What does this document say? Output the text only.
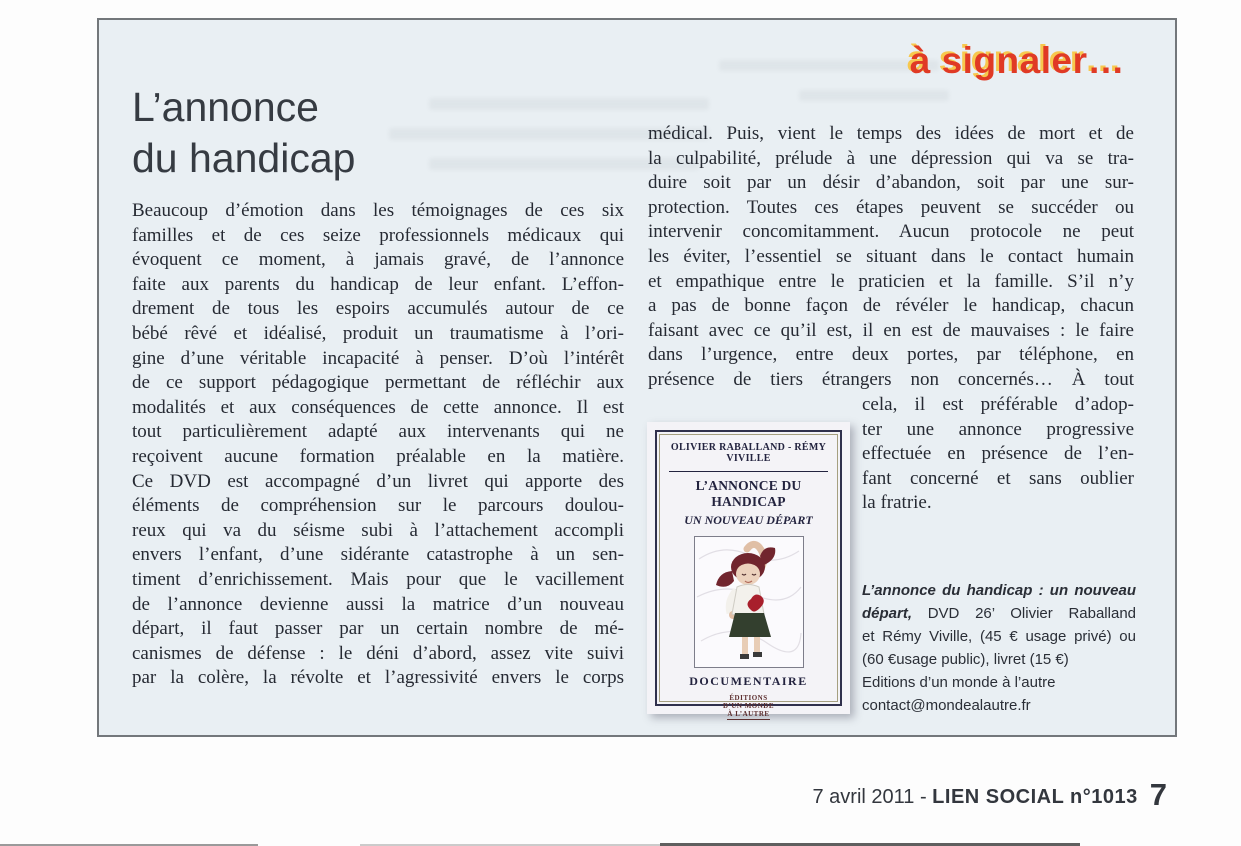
à signaler…
L’annonce
du handicap
Beaucoup d’émotion dans les témoignages de ces six
familles et de ces seize professionnels médicaux qui
évoquent ce moment, à jamais gravé, de l’annonce
faite aux parents du handicap de leur enfant. L’effon-
drement de tous les espoirs accumulés autour de ce
bébé rêvé et idéalisé, produit un traumatisme à l’ori-
gine d’une véritable incapacité à penser. D’où l’intérêt
de ce support pédagogique permettant de réfléchir aux
modalités et aux conséquences de cette annonce. Il est
tout particulièrement adapté aux intervenants qui ne
reçoivent aucune formation préalable en la matière.
Ce DVD est accompagné d’un livret qui apporte des
éléments de compréhension sur le parcours doulou-
reux qui va du séisme subi à l’attachement accompli
envers l’enfant, d’une sidérante catastrophe à un sen-
timent d’enrichissement. Mais pour que le vacillement
de l’annonce devienne aussi la matrice d’un nouveau
départ, il faut passer par un certain nombre de mé-
canismes de défense : le déni d’abord, assez vite suivi
par la colère, la révolte et l’agressivité envers le corps
médical. Puis, vient le temps des idées de mort et de
la culpabilité, prélude à une dépression qui va se tra-
duire soit par un désir d’abandon, soit par une sur-
protection. Toutes ces étapes peuvent se succéder ou
intervenir concomitamment. Aucun protocole ne peut
les éviter, l’essentiel se situant dans le contact humain
et empathique entre le praticien et la famille. S’il n’y
a pas de bonne façon de révéler le handicap, chacun
faisant avec ce qu’il est, il en est de mauvaises : le faire
dans l’urgence, entre deux portes, par téléphone, en
présence de tiers étrangers non concernés… À tout
cela, il est préférable d’adop-
ter une annonce progressive
effectuée en présence de l’en-
fant concerné et sans oublier
la fratrie.
OLIVIER RABALLAND - RÉMY VIVILLE
L’ANNONCE DU HANDICAP
UN NOUVEAU DÉPART
DOCUMENTAIRE
ÉDITIONS
D’UN MONDE
À L’AUTRE
L’annonce du handicap : un nouveau
départ, DVD 26’ Olivier Raballand
et Rémy Viville, (45 € usage privé) ou
(60 €usage public), livret (15 €)
Editions d’un monde à l’autre
contact@mondealautre.fr
7 avril 2011 - LIEN SOCIAL n°1013 7
